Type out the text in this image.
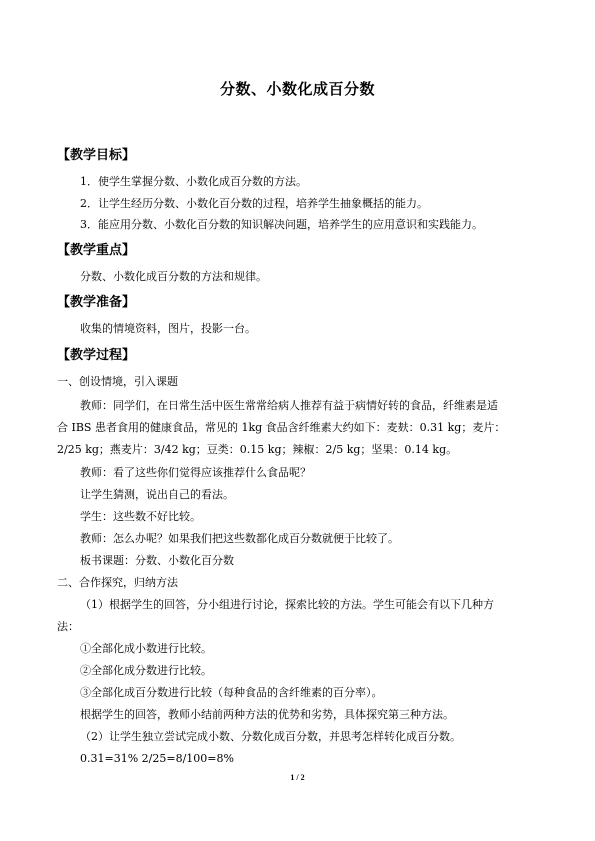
分数、小数化成百分数
【教学目标】
1．使学生掌握分数、小数化成百分数的方法。
2．让学生经历分数、小数化百分数的过程，培养学生抽象概括的能力。
3．能应用分数、小数化百分数的知识解决问题，培养学生的应用意识和实践能力。
【教学重点】
分数、小数化成百分数的方法和规律。
【教学准备】
收集的情境资料，图片，投影一台。
【教学过程】
一、创设情境，引入课题
教师：同学们，在日常生活中医生常常给病人推荐有益于病情好转的食品，纤维素是适
合 IBS 患者食用的健康食品，常见的 1kg 食品含纤维素大约如下：麦麸：0.31 kg；麦片：
2/25 kg；燕麦片：3/42 kg；豆类：0.15 kg；辣椒：2/5 kg；坚果：0.14 kg。
教师：看了这些你们觉得应该推荐什么食品呢？
让学生猜测，说出自己的看法。
学生：这些数不好比较。
教师：怎么办呢？如果我们把这些数都化成百分数就便于比较了。
板书课题：分数、小数化百分数
二、合作探究，归纳方法
（1）根据学生的回答，分小组进行讨论，探索比较的方法。学生可能会有以下几种方
法：
①全部化成小数进行比较。
②全部化成分数进行比较。
③全部化成百分数进行比较（每种食品的含纤维素的百分率）。
根据学生的回答，教师小结前两种方法的优势和劣势，具体探究第三种方法。
（2）让学生独立尝试完成小数、分数化成百分数，并思考怎样转化成百分数。
0.31=31% 2/25=8/100=8%
1 / 2
